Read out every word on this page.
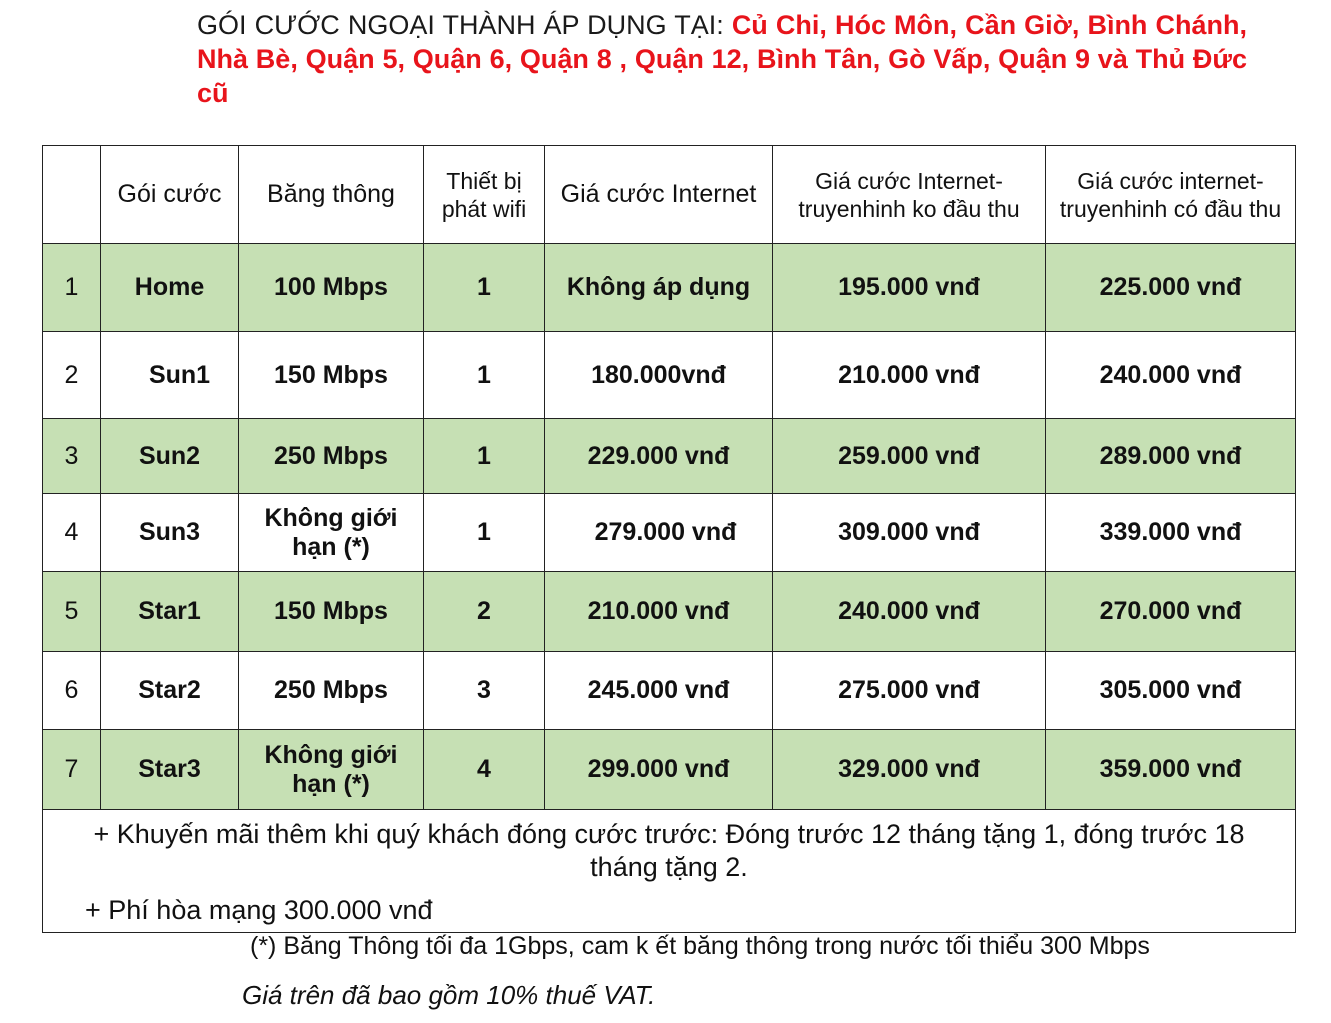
GÓI CƯỚC NGOẠI THÀNH ÁP DỤNG TẠI: Củ Chi, Hóc Môn, Cần Giờ, Bình Chánh, Nhà Bè, Quận 5, Quận 6, Quận 8 , Quận 12, Bình Tân, Gò Vấp, Quận 9 và Thủ Đức cũ
	Gói cước	Băng thông	Thiết bị phát wifi	Giá cước Internet	Giá cước Internet-truyenhinh ko đầu thu	Giá cước internet-truyenhinh có đầu thu
1	Home	100 Mbps	1	Không áp dụng	195.000 vnđ	225.000 vnđ
2	Sun1	150 Mbps	1	180.000vnđ	210.000 vnđ	240.000 vnđ
3	Sun2	250 Mbps	1	229.000 vnđ	259.000 vnđ	289.000 vnđ
4	Sun3	Không giới hạn (*)	1	279.000 vnđ	309.000 vnđ	339.000 vnđ
5	Star1	150 Mbps	2	210.000 vnđ	240.000 vnđ	270.000 vnđ
6	Star2	250 Mbps	3	245.000 vnđ	275.000 vnđ	305.000 vnđ
7	Star3	Không giới hạn (*)	4	299.000 vnđ	329.000 vnđ	359.000 vnđ

+ Khuyến mãi thêm khi quý khách đóng cước trước: Đóng trước 12 tháng tặng 1, đóng trước 18 tháng tặng 2.
+ Phí hòa mạng 300.000 vnđ						
(*) Băng Thông tối đa 1Gbps, cam k ết băng thông trong nước tối thiểu 300 Mbps
Giá trên đã bao gồm 10% thuế VAT.
